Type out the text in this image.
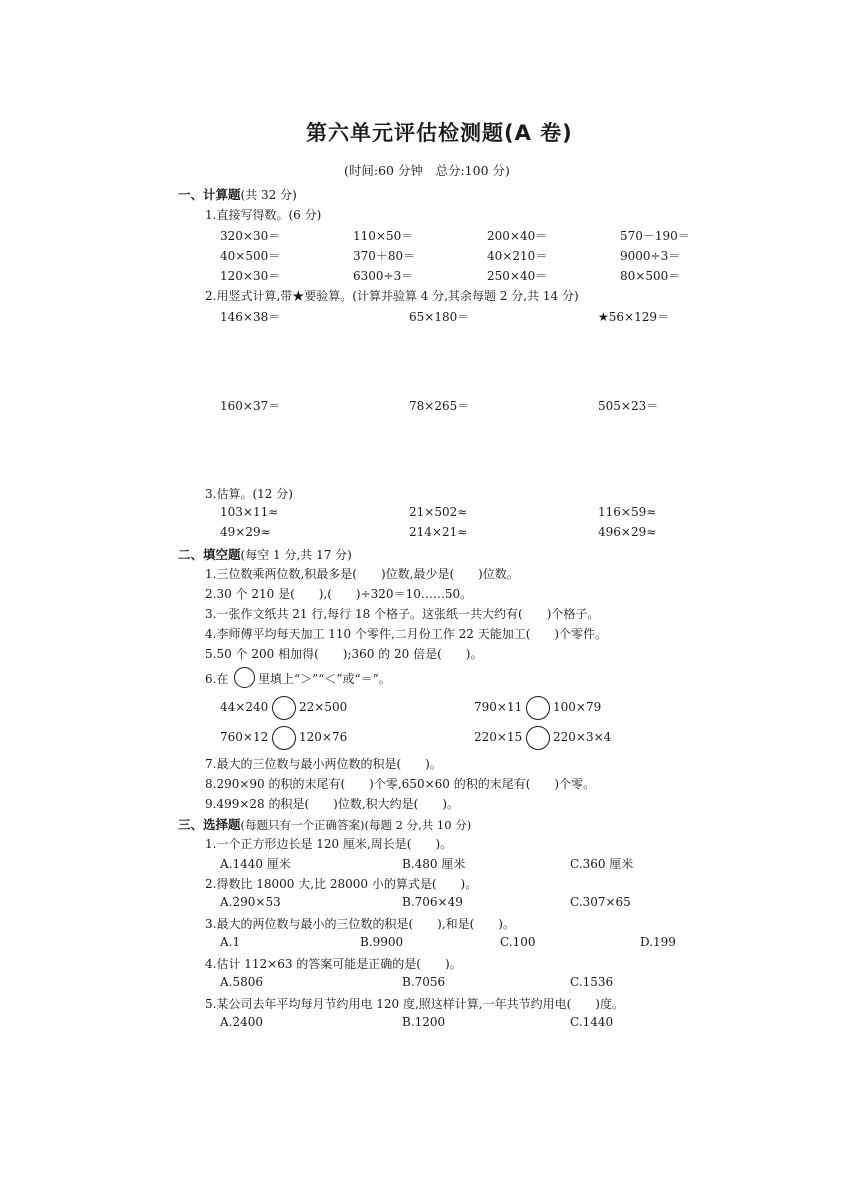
第六单元评估检测题(A 卷)
(时间:60 分钟　总分:100 分)
一、计算题(共 32 分)
1.直接写得数。(6 分)
320×30＝	110×50＝	200×40＝	570－190＝
40×500＝	370＋80＝	40×210＝	9000÷3＝
120×30＝	6300÷3＝	250×40＝	80×500＝
2.用竖式计算,带★要验算。(计算并验算 4 分,其余每题 2 分,共 14 分)
146×38＝	65×180＝	★56×129＝
160×37＝	78×265＝	505×23＝
3.估算。(12 分)
103×11≈	21×502≈	116×59≈
49×29≈	214×21≈	496×29≈
二、填空题(每空 1 分,共 17 分)
1.三位数乘两位数,积最多是(　　)位数,最少是(　　)位数。
2.30 个 210 是(　　),(　　)÷320＝10……50。
3.一张作文纸共 21 行,每行 18 个格子。这张纸一共大约有(　　)个格子。
4.李师傅平均每天加工 110 个零件,二月份工作 22 天能加工(　　)个零件。
5.50 个 200 相加得(　　);360 的 20 倍是(　　)。
6.在 里填上“＞”“＜”或“＝”。
44×240	22×500	790×11	100×79
760×12	120×76	220×15	220×3×4
7.最大的三位数与最小两位数的积是(　　)。
8.290×90 的积的末尾有(　　)个零,650×60 的积的末尾有(　　)个零。
9.499×28 的积是(　　)位数,积大约是(　　)。
三、选择题(每题只有一个正确答案)(每题 2 分,共 10 分)
1.一个正方形边长是 120 厘米,周长是(　　)。
A.1440 厘米	B.480 厘米	C.360 厘米
2.得数比 18000 大,比 28000 小的算式是(　　)。
A.290×53	B.706×49	C.307×65
3.最大的两位数与最小的三位数的积是(　　),和是(　　)。
A.1	B.9900	C.100	D.199
4.估计 112×63 的答案可能是正确的是(　　)。
A.5806	B.7056	C.1536
5.某公司去年平均每月节约用电 120 度,照这样计算,一年共节约用电(　　)度。
A.2400	B.1200	C.1440
